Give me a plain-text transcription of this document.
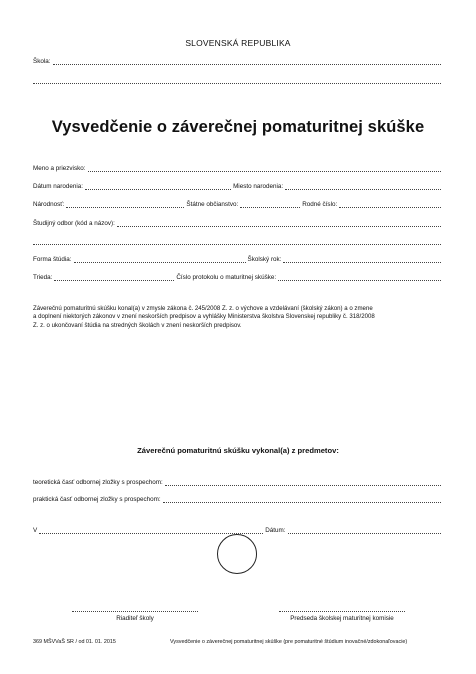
SLOVENSKÁ REPUBLIKA
Škola:
Vysvedčenie o záverečnej pomaturitnej skúške
Meno a priezvisko:
Dátum narodenia:	Miesto narodenia:
Národnosť:	Štátne občianstvo:	Rodné číslo:
Študijný odbor (kód a názov):
Forma štúdia:	Školský rok:
Trieda:	Číslo protokolu o maturitnej skúške:
Záverečnú pomaturitnú skúšku konal(a) v zmysle zákona č. 245/2008 Z. z. o výchove a vzdelávaní (školský zákon) a o zmene
a doplnení niektorých zákonov v znení neskorších predpisov a vyhlášky Ministerstva školstva Slovenskej republiky č. 318/2008
Z. z. o ukončovaní štúdia na stredných školách v znení neskorších predpisov.
Záverečnú pomaturitnú skúšku vykonal(a) z predmetov:
teoretická časť odbornej zložky s prospechom:
praktická časť odbornej zložky s prospechom:
V	Dátum:
Riaditeľ školy	Predseda školskej maturitnej komisie
369 MŠVVaŠ SR / od 01. 01. 2015	Vysvedčenie o záverečnej pomaturitnej skúške (pre pomaturitné štúdium inovačné/zdokonaľovacie)
